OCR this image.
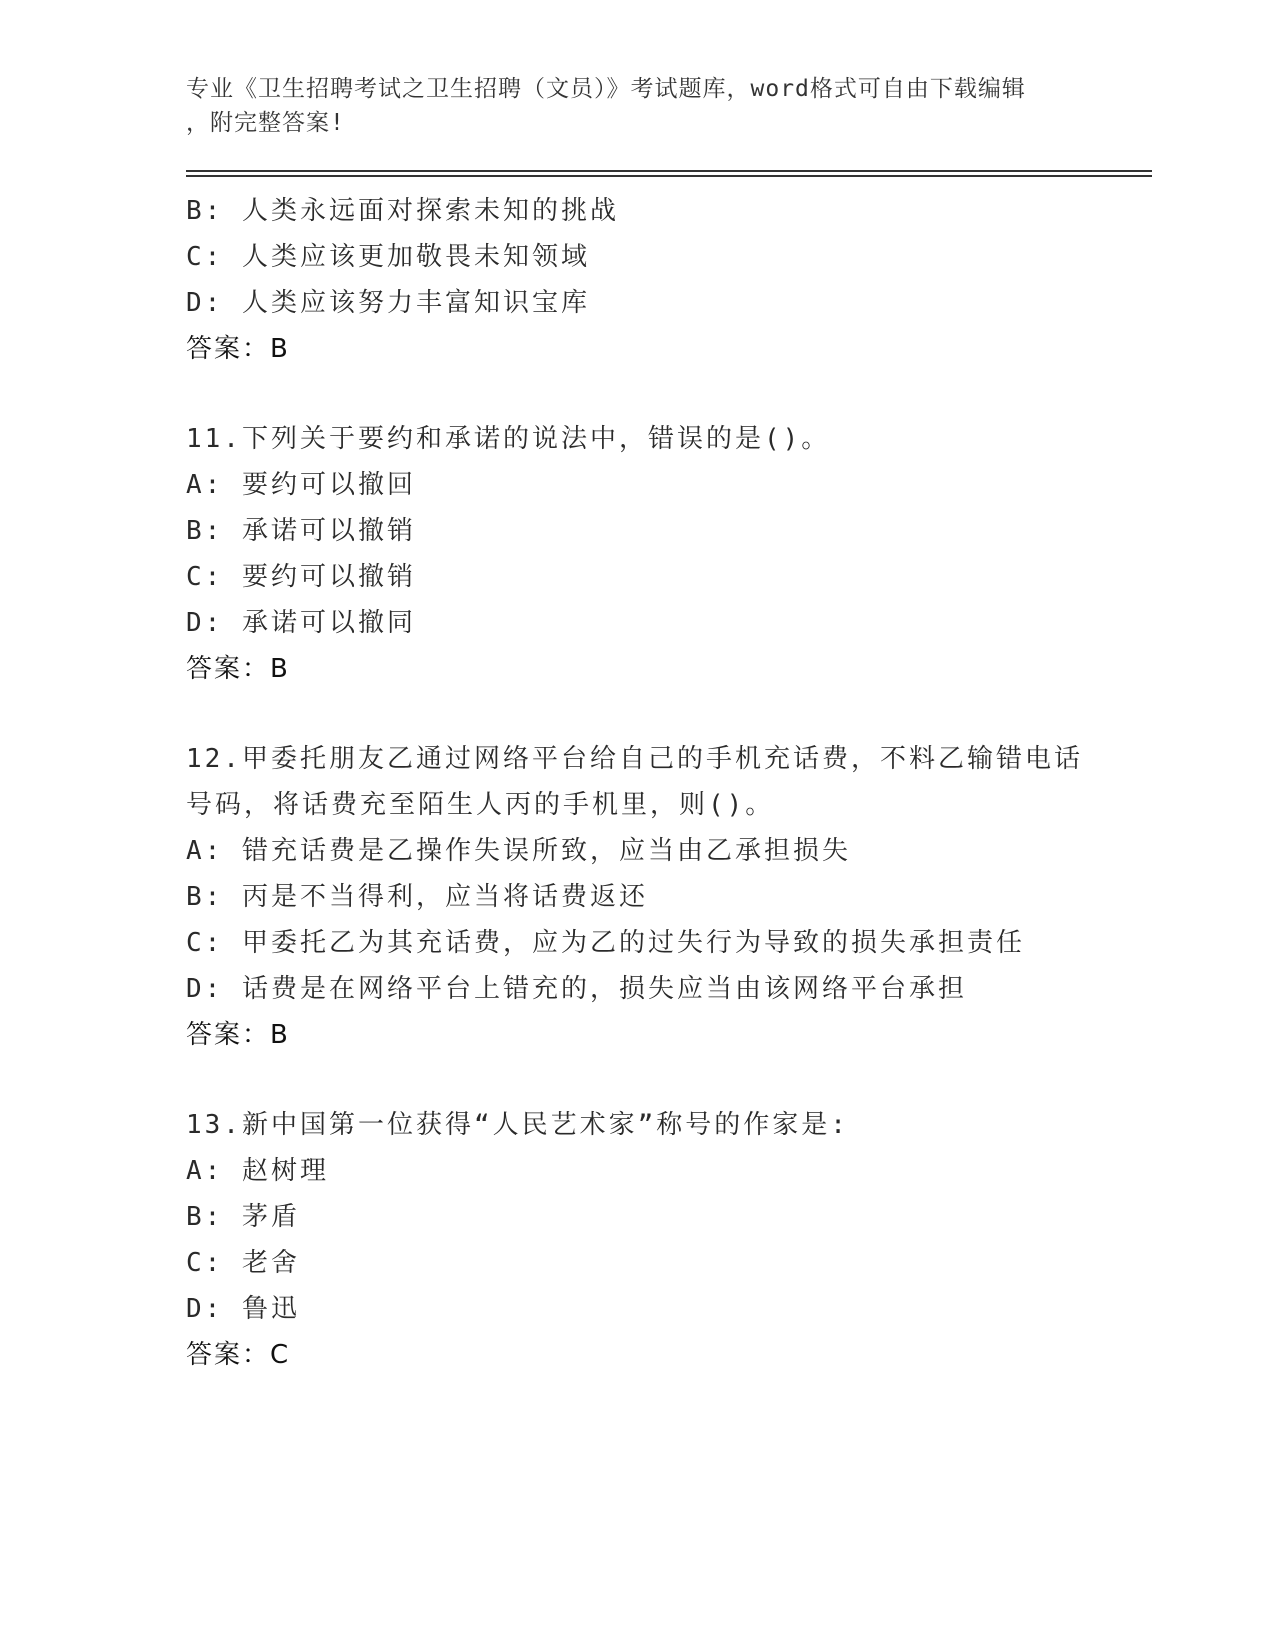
专业《卫生招聘考试之卫生招聘（文员）》考试题库，word格式可自由下载编辑
，附完整答案!
B: 人类永远面对探索未知的挑战
C: 人类应该更加敬畏未知领域
D: 人类应该努力丰富知识宝库
答案：B
11.下列关于要约和承诺的说法中，错误的是()。
A: 要约可以撤回
B: 承诺可以撤销
C: 要约可以撤销
D: 承诺可以撤同
答案：B
12.甲委托朋友乙通过网络平台给自己的手机充话费，不料乙输错电话
号码，将话费充至陌生人丙的手机里，则()。
A: 错充话费是乙操作失误所致，应当由乙承担损失
B: 丙是不当得利，应当将话费返还
C: 甲委托乙为其充话费，应为乙的过失行为导致的损失承担责任
D: 话费是在网络平台上错充的，损失应当由该网络平台承担
答案：B
13.新中国第一位获得“人民艺术家”称号的作家是:
A: 赵树理
B: 茅盾
C: 老舍
D: 鲁迅
答案：C
